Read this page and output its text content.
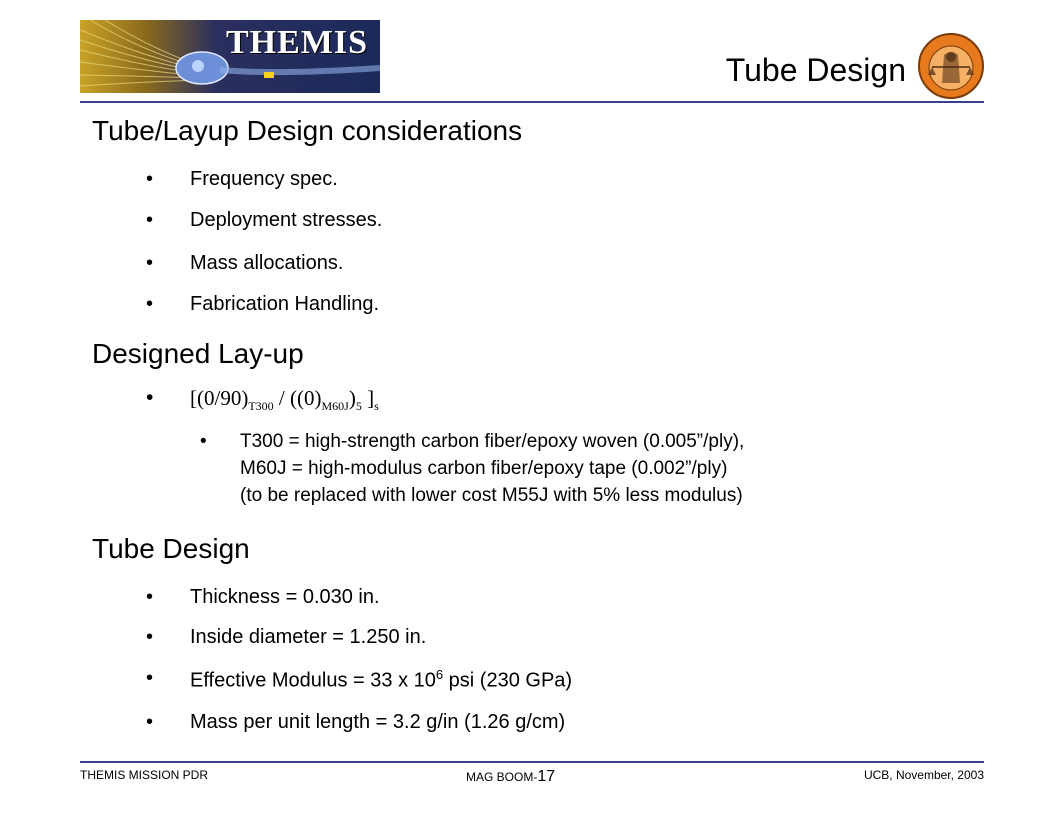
THEMIS
Tube Design
Tube/Layup Design considerations
• Frequency spec.
• Deployment stresses.
• Mass allocations.
• Fabrication Handling.
Designed Lay-up
• [$(0/90)_{T300} / ((0)_{M60J})_5$ ]$_s$
• T300 = high-strength carbon fiber/epoxy woven (0.005”/ply),
M60J = high-modulus carbon fiber/epoxy tape (0.002”/ply)
(to be replaced with lower cost M55J with 5% less modulus)
Tube Design
• Thickness = 0.030 in.
• Inside diameter = 1.250 in.
• Effective Modulus = 33 x $10^6$ psi (230 GPa)
• Mass per unit length = 3.2 g/in (1.26 g/cm)
THEMIS MISSION PDR	MAG BOOM-17	UCB, November, 2003
